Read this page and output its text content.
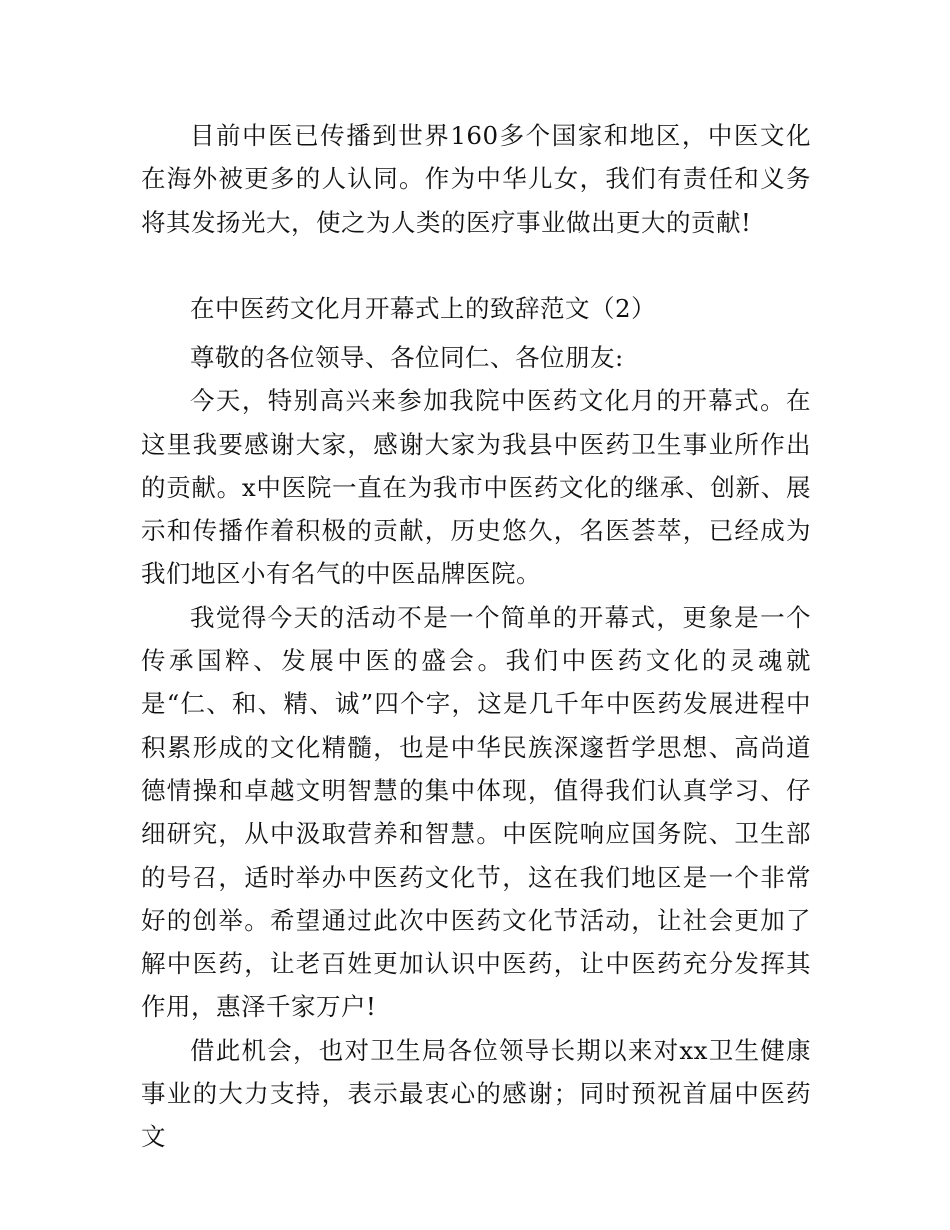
目前中医已传播到世界160多个国家和地区，中医文化在海外被更多的人认同。作为中华儿女，我们有责任和义务将其发扬光大，使之为人类的医疗事业做出更大的贡献!

在中医药文化月开幕式上的致辞范文（2）

尊敬的各位领导、各位同仁、各位朋友:

今天，特别高兴来参加我院中医药文化月的开幕式。在这里我要感谢大家，感谢大家为我县中医药卫生事业所作出的贡献。x中医院一直在为我市中医药文化的继承、创新、展示和传播作着积极的贡献，历史悠久，名医荟萃，已经成为我们地区小有名气的中医品牌医院。

我觉得今天的活动不是一个简单的开幕式，更象是一个传承国粹、发展中医的盛会。我们中医药文化的灵魂就是“仁、和、精、诚”四个字，这是几千年中医药发展进程中积累形成的文化精髓，也是中华民族深邃哲学思想、高尚道德情操和卓越文明智慧的集中体现，值得我们认真学习、仔细研究，从中汲取营养和智慧。中医院响应国务院、卫生部的号召，适时举办中医药文化节，这在我们地区是一个非常好的创举。希望通过此次中医药文化节活动，让社会更加了解中医药，让老百姓更加认识中医药，让中医药充分发挥其作用，惠泽千家万户!

借此机会，也对卫生局各位领导长期以来对xx卫生健康事业的大力支持，表示最衷心的感谢；同时预祝首届中医药文
